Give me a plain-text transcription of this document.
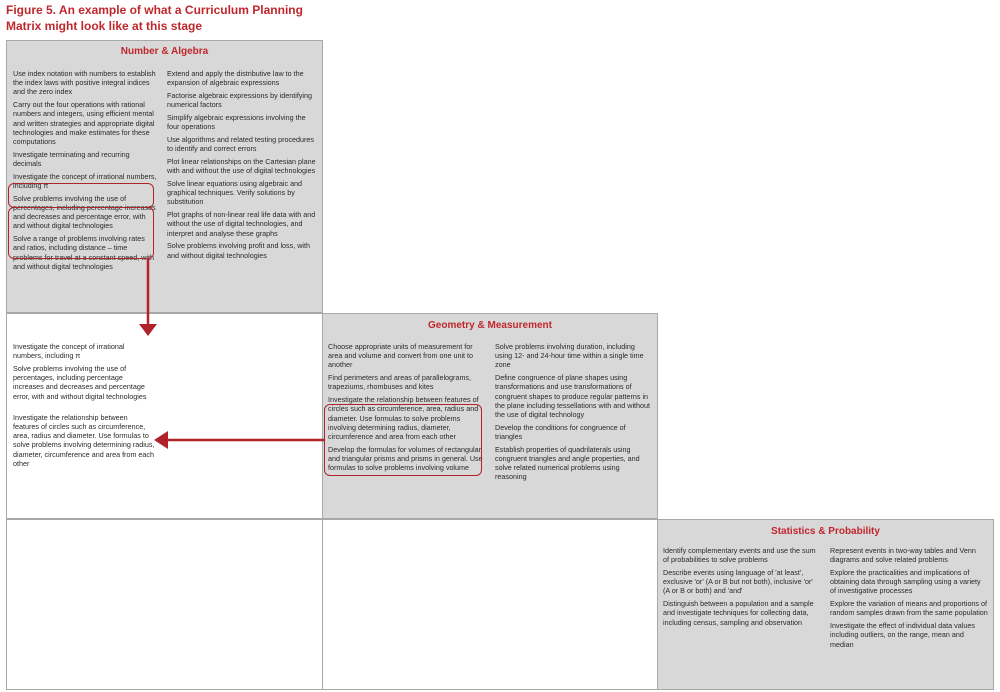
Figure 5. An example of what a Curriculum Planning Matrix might look like at this stage
Number & Algebra
Use index notation with numbers to establish the index laws with positive integral indices and the zero index
Carry out the four operations with rational numbers and integers, using efficient mental and written strategies and appropriate digital technologies and make estimates for these computations
Investigate terminating and recurring decimals
Investigate the concept of irrational numbers, including π
Solve problems involving the use of percentages, including percentage increases and decreases and percentage error, with and without digital technologies
Solve a range of problems involving rates and ratios, including distance – time problems for travel at a constant speed, with and without digital technologies
Extend and apply the distributive law to the expansion of algebraic expressions
Factorise algebraic expressions by identifying numerical factors
Simplify algebraic expressions involving the four operations
Use algorithms and related testing procedures to identify and correct errors
Plot linear relationships on the Cartesian plane with and without the use of digital technologies
Solve linear equations using algebraic and graphical techniques. Verify solutions by substitution
Plot graphs of non-linear real life data with and without the use of digital technologies, and interpret and analyse these graphs
Solve problems involving profit and loss, with and without digital technologies
Investigate the concept of irrational numbers, including π
Solve problems involving the use of percentages, including percentage increases and decreases and percentage error, with and without digital technologies
Investigate the relationship between features of circles such as circumference, area, radius and diameter. Use formulas to solve problems involving determining radius, diameter, circumference and area from each other
Geometry & Measurement
Choose appropriate units of measurement for area and volume and convert from one unit to another
Find perimeters and areas of parallelograms, trapeziums, rhombuses and kites
Investigate the relationship between features of circles such as circumference, area, radius and diameter. Use formulas to solve problems involving determining radius, diameter, circumference and area from each other
Develop the formulas for volumes of rectangular and triangular prisms and prisms in general. Use formulas to solve problems involving volume
Solve problems involving duration, including using 12- and 24-hour time within a single time zone
Define congruence of plane shapes using transformations and use transformations of congruent shapes to produce regular patterns in the plane including tessellations with and without the use of digital technology
Develop the conditions for congruence of triangles
Establish properties of quadrilaterals using congruent triangles and angle properties, and solve related numerical problems using reasoning
Statistics & Probability
Identify complementary events and use the sum of probabilities to solve problems
Describe events using language of 'at least', exclusive 'or' (A or B but not both), inclusive 'or' (A or B or both) and 'and'
Distinguish between a population and a sample and investigate techniques for collecting data, including census, sampling and observation
Represent events in two-way tables and Venn diagrams and solve related problems
Explore the practicalities and implications of obtaining data through sampling using a variety of investigative processes
Explore the variation of means and proportions of random samples drawn from the same population
Investigate the effect of individual data values including outliers, on the range, mean and median
